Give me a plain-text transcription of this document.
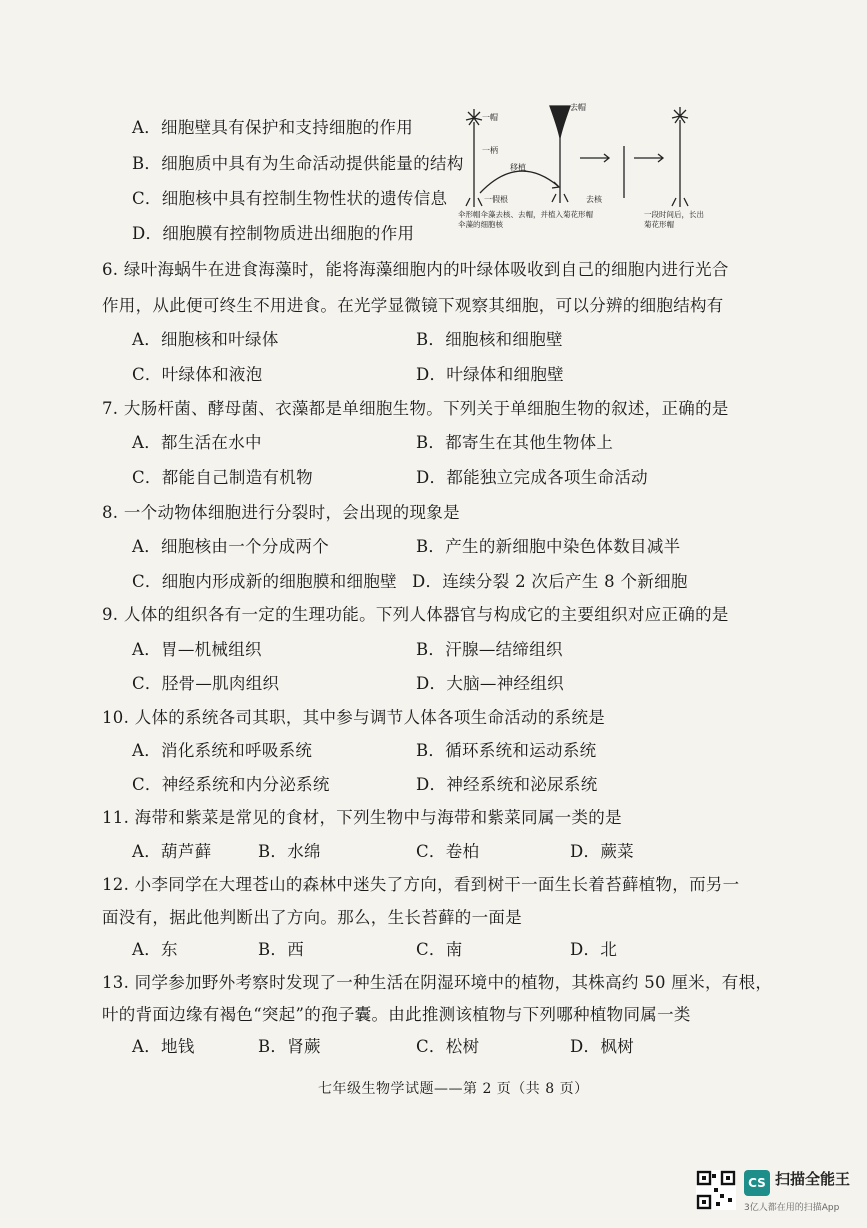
A．细胞壁具有保护和支持细胞的作用
B．细胞质中具有为生命活动提供能量的结构
C．细胞核中具有控制生物性状的遗传信息
D．细胞膜有控制物质进出细胞的作用
一帽
去帽
一柄
移植
一假根	去核
伞形帽伞藻去核、去帽，并植入菊花形帽伞藻的细胞核
一段时间后，长出菊花形帽
6. 绿叶海蜗牛在进食海藻时，能将海藻细胞内的叶绿体吸收到自己的细胞内进行光合
作用，从此便可终生不用进食。在光学显微镜下观察其细胞，可以分辨的细胞结构有
A．细胞核和叶绿体	B．细胞核和细胞壁
C．叶绿体和液泡	D．叶绿体和细胞壁
7. 大肠杆菌、酵母菌、衣藻都是单细胞生物。下列关于单细胞生物的叙述，正确的是
A．都生活在水中	B．都寄生在其他生物体上
C．都能自己制造有机物	D．都能独立完成各项生命活动
8. 一个动物体细胞进行分裂时，会出现的现象是
A．细胞核由一个分成两个	B．产生的新细胞中染色体数目减半
C．细胞内形成新的细胞膜和细胞壁 D．连续分裂 2 次后产生 8 个新细胞
9. 人体的组织各有一定的生理功能。下列人体器官与构成它的主要组织对应正确的是
A．胃—机械组织	B．汗腺—结缔组织
C．胫骨—肌肉组织	D．大脑—神经组织
10. 人体的系统各司其职，其中参与调节人体各项生命活动的系统是
A．消化系统和呼吸系统	B．循环系统和运动系统
C．神经系统和内分泌系统	D．神经系统和泌尿系统
11. 海带和紫菜是常见的食材，下列生物中与海带和紫菜同属一类的是
A．葫芦藓	B．水绵	C．卷柏	D．蕨菜
12. 小李同学在大理苍山的森林中迷失了方向，看到树干一面生长着苔藓植物，而另一
面没有，据此他判断出了方向。那么，生长苔藓的一面是
A．东	B．西	C．南	D．北
13. 同学参加野外考察时发现了一种生活在阴湿环境中的植物，其株高约 50 厘米，有根，
叶的背面边缘有褐色“突起”的孢子囊。由此推测该植物与下列哪种植物同属一类
A．地钱	B．肾蕨	C．松树	D．枫树
七年级生物学试题——第 2 页（共 8 页）
CS 扫描全能王
3亿人都在用的扫描App
